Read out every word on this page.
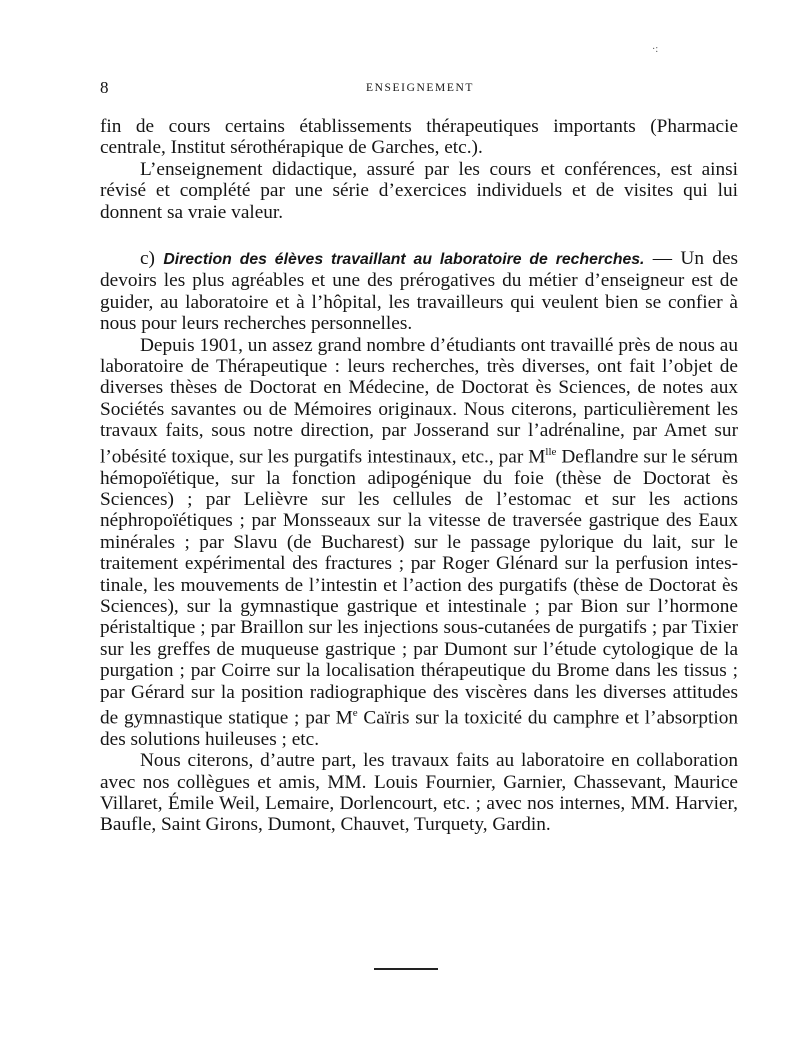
8	ENSEIGNEMENT
·:

fin de cours certains établissements thérapeutiques importants (Pharmacie centrale, Institut sérothérapique de Garches, etc.).

L’enseignement didactique, assuré par les cours et conférences, est ainsi révisé et complété par une série d’exercices individuels et de visites qui lui donnent sa vraie valeur.

c) Direction des élèves travaillant au laboratoire de recherches. — Un des devoirs les plus agréables et une des prérogatives du métier d’enseigneur est de guider, au laboratoire et à l’hôpital, les travailleurs qui veulent bien se confier à nous pour leurs recherches personnelles.

Depuis 1901, un assez grand nombre d’étudiants ont travaillé près de nous au laboratoire de Thérapeutique : leurs recherches, très diverses, ont fait l’objet de diverses thèses de Doctorat en Médecine, de Doctorat ès Sciences, de notes aux Sociétés savantes ou de Mémoires originaux. Nous citerons, particulièrement les travaux faits, sous notre direction, par Josserand sur l’adrénaline, par Amet sur l’obésité toxique, sur les purgatifs intestinaux, etc., par $M^{lle}$ Deflandre sur le sérum hémopoïétique, sur la fonction adipogénique du foie (thèse de Doctorat ès Sciences) ; par Lelièvre sur les cellules de l’estomac et sur les actions néphropoïétiques ; par Monsseaux sur la vitesse de traversée gastrique des Eaux minérales ; par Slavu (de Bucharest) sur le passage pylorique du lait, sur le traitement expérimental des fractures ; par Roger Glénard sur la perfusion intestinale, les mouvements de l’intestin et l’action des purgatifs (thèse de Doctorat ès Sciences), sur la gymnastique gastrique et intestinale ; par Bion sur l’hormone péristaltique ; par Braillon sur les injections sous-cutanées de purgatifs ; par Tixier sur les greffes de muqueuse gastrique ; par Dumont sur l’étude cytologique de la purgation ; par Coirre sur la localisation thérapeutique du Brome dans les tissus ; par Gérard sur la position radiographique des viscères dans les diverses attitudes de gymnastique statique ; par Me Caïris sur la toxicité du camphre et l’absorption des solutions huileuses ; etc.

Nous citerons, d’autre part, les travaux faits au laboratoire en collaboration avec nos collègues et amis, MM. Louis Fournier, Garnier, Chassevant, Maurice Villaret, Émile Weil, Lemaire, Dorlencourt, etc. ; avec nos internes, MM. Harvier, Baufle, Saint Girons, Dumont, Chauvet, Turquety, Gardin.
